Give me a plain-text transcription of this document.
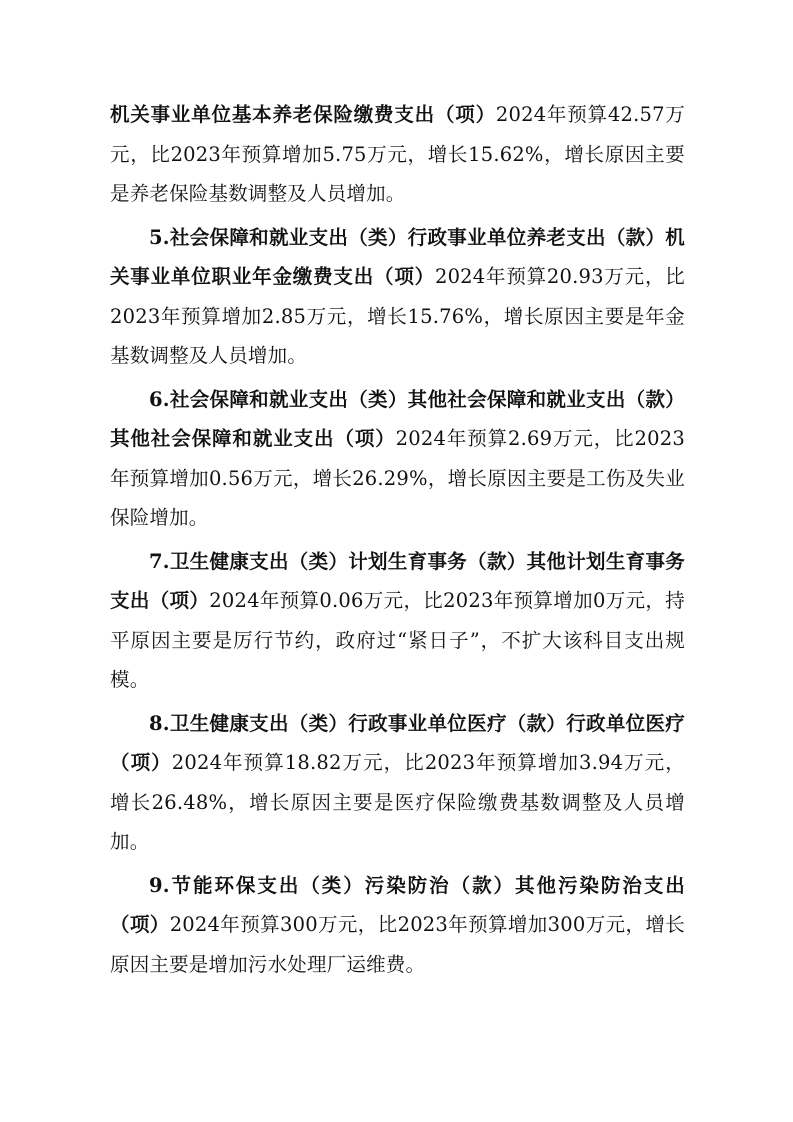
机关事业单位基本养老保险缴费支出（项）2024年预算42.57万元，比2023年预算增加5.75万元，增长15.62%，增长原因主要是养老保险基数调整及人员增加。

5.社会保障和就业支出（类）行政事业单位养老支出（款）机关事业单位职业年金缴费支出（项）2024年预算20.93万元，比2023年预算增加2.85万元，增长15.76%，增长原因主要是年金基数调整及人员增加。

6.社会保障和就业支出（类）其他社会保障和就业支出（款）其他社会保障和就业支出（项）2024年预算2.69万元，比2023年预算增加0.56万元，增长26.29%，增长原因主要是工伤及失业保险增加。

7.卫生健康支出（类）计划生育事务（款）其他计划生育事务支出（项）2024年预算0.06万元，比2023年预算增加0万元，持平原因主要是厉行节约，政府过“紧日子”，不扩大该科目支出规模。

8.卫生健康支出（类）行政事业单位医疗（款）行政单位医疗（项）2024年预算18.82万元，比2023年预算增加3.94万元，增长26.48%，增长原因主要是医疗保险缴费基数调整及人员增加。

9.节能环保支出（类）污染防治（款）其他污染防治支出（项）2024年预算300万元，比2023年预算增加300万元，增长原因主要是增加污水处理厂运维费。
